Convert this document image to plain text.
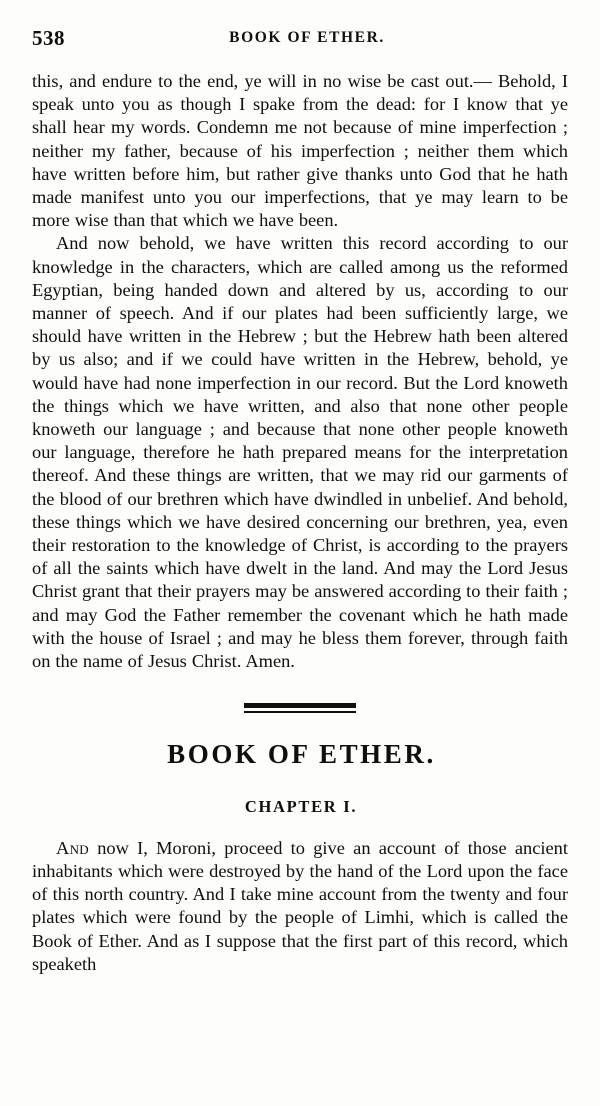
538	BOOK OF ETHER.

this, and endure to the end, ye will in no wise be cast out.— Behold, I speak unto you as though I spake from the dead: for I know that ye shall hear my words. Condemn me not because of mine imperfection ; neither my father, because of his imperfection ; neither them which have written before him, but rather give thanks unto God that he hath made manifest unto you our imperfections, that ye may learn to be more wise than that which we have been.

And now behold, we have written this record according to our knowledge in the characters, which are called among us the reformed Egyptian, being handed down and altered by us, according to our manner of speech. And if our plates had been sufficiently large, we should have written in the Hebrew ; but the Hebrew hath been altered by us also; and if we could have written in the Hebrew, behold, ye would have had none imperfection in our record. But the Lord knoweth the things which we have written, and also that none other people knoweth our language ; and because that none other people knoweth our language, therefore he hath prepared means for the interpretation thereof. And these things are written, that we may rid our garments of the blood of our brethren which have dwindled in unbelief. And behold, these things which we have desired concerning our brethren, yea, even their restoration to the knowledge of Christ, is according to the prayers of all the saints which have dwelt in the land. And may the Lord Jesus Christ grant that their prayers may be answered according to their faith ; and may God the Father remember the covenant which he hath made with the house of Israel ; and may he bless them forever, through faith on the name of Jesus Christ. Amen.

BOOK OF ETHER.
CHAPTER I.

And now I, Moroni, proceed to give an account of those ancient inhabitants which were destroyed by the hand of the Lord upon the face of this north country. And I take mine account from the twenty and four plates which were found by the people of Limhi, which is called the Book of Ether. And as I suppose that the first part of this record, which speaketh
